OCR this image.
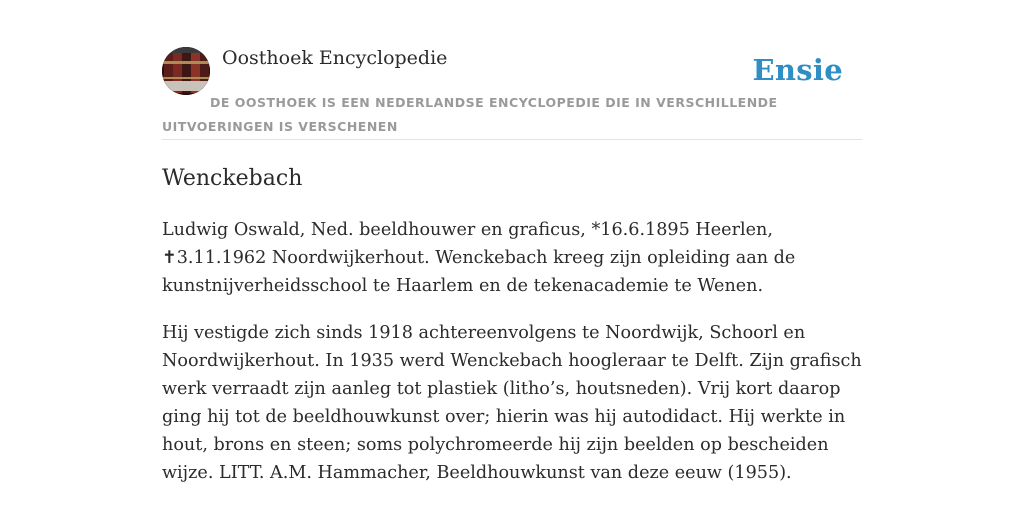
Oosthoek Encyclopedie	Ensie
DE OOSTHOEK IS EEN NEDERLANDSE ENCYCLOPEDIE DIE IN VERSCHILLENDE UITVOERINGEN IS VERSCHENEN
Wenckebach

Ludwig Oswald, Ned. beeldhouwer en graficus, *16.6.1895 Heerlen, ✝3.11.1962 Noordwijkerhout. Wenckebach kreeg zijn opleiding aan de kunstnijverheidsschool te Haarlem en de tekenacademie te Wenen.

Hij vestigde zich sinds 1918 achtereenvolgens te Noordwijk, Schoorl en Noordwijkerhout. In 1935 werd Wenckebach hoogleraar te Delft. Zijn grafisch werk verraadt zijn aanleg tot plastiek (litho’s, houtsneden). Vrij kort daarop ging hij tot de beeldhouwkunst over; hierin was hij autodidact. Hij werkte in hout, brons en steen; soms polychromeerde hij zijn beelden op bescheiden wijze. LITT. A.M. Hammacher, Beeldhouwkunst van deze eeuw (1955).
